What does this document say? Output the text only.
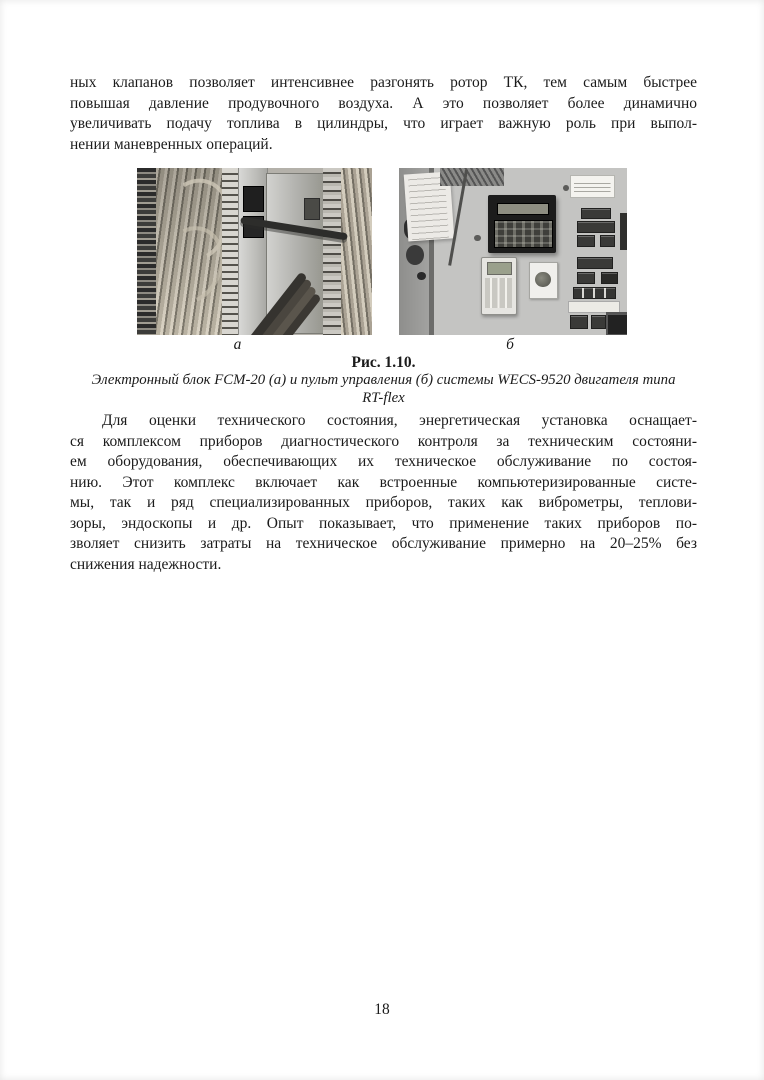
ных клапанов позволяет интенсивнее разгонять ротор ТК, тем самым быстрее
повышая давление продувочного воздуха. А это позволяет более динамично
увеличивать подачу топлива в цилиндры, что играет важную роль при выпол-
нении маневренных операций.
а	б
Рис. 1.10.
Электронный блок FCM-20 (а) и пульт управления (б) системы WECS-9520 двигателя типа
RT-flex
Для оценки технического состояния, энергетическая установка оснащает-
ся комплексом приборов диагностического контроля за техническим состояни-
ем оборудования, обеспечивающих их техническое обслуживание по состоя-
нию. Этот комплекс включает как встроенные компьютеризированные систе-
мы, так и ряд специализированных приборов, таких как виброметры, теплови-
зоры, эндоскопы и др. Опыт показывает, что применение таких приборов по-
зволяет снизить затраты на техническое обслуживание примерно на 20–25% без
снижения надежности.
18
